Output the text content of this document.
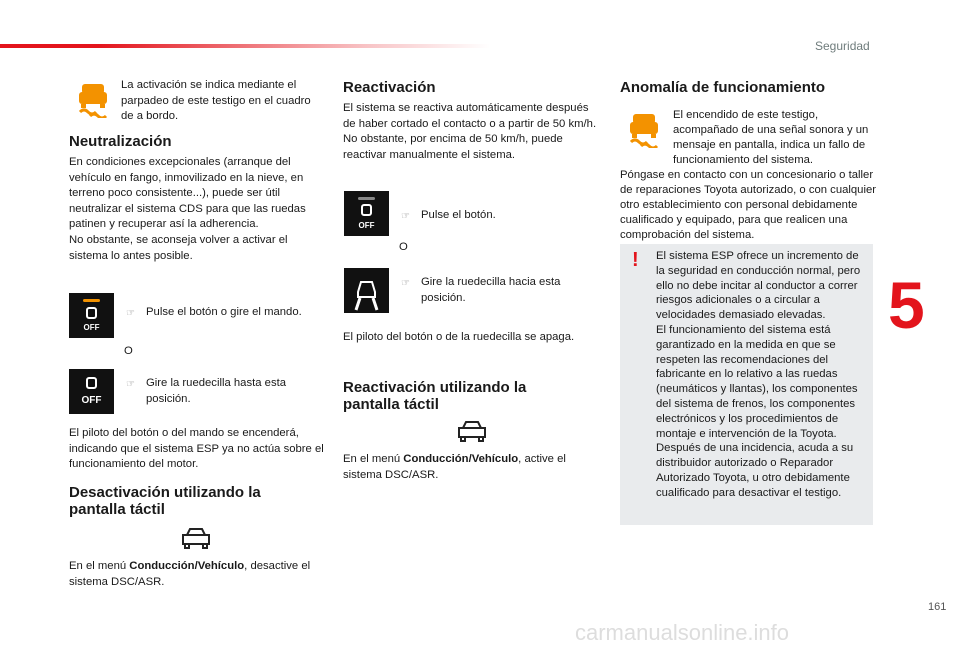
Seguridad
5
161
carmanualsonline.info

La activación se indica mediante el parpadeo de este testigo en el cuadro de a bordo.

Neutralización

En condiciones excepcionales (arranque del vehículo en fango, inmovilizado en la nieve, en terreno poco consistente...), puede ser útil neutralizar el sistema CDS para que las ruedas patinen y recuperar así la adherencia.

No obstante, se aconseja volver a activar el sistema lo antes posible.

OFF
☞ Pulse el botón o gire el mando.

O

OFF
☞ Gire la ruedecilla hasta esta posición.

El piloto del botón o del mando se encenderá, indicando que el sistema ESP ya no actúa sobre el funcionamiento del motor.

Desactivación utilizando la pantalla táctil

En el menú Conducción/Vehículo, desactive el sistema DSC/ASR.

Reactivación

El sistema se reactiva automáticamente después de haber cortado el contacto o a partir de 50 km/h.

No obstante, por encima de 50 km/h, puede reactivar manualmente el sistema.

OFF
☞ Pulse el botón.

O

☞ Gire la ruedecilla hacia esta posición.

El piloto del botón o de la ruedecilla se apaga.

Reactivación utilizando la pantalla táctil

En el menú Conducción/Vehículo, active el sistema DSC/ASR.

Anomalía de funcionamiento

El encendido de este testigo, acompañado de una señal sonora y un mensaje en pantalla, indica un fallo de funcionamiento del sistema.

Póngase en contacto con un concesionario o taller de reparaciones Toyota autorizado, o con cualquier otro establecimiento con personal debidamente cualificado y equipado, para que realicen una comprobación del sistema.

! El sistema ESP ofrece un incremento de la seguridad en conducción normal, pero ello no debe incitar al conductor a correr riesgos adicionales o a circular a velocidades demasiado elevadas.

El funcionamiento del sistema está garantizado en la medida en que se respeten las recomendaciones del fabricante en lo relativo a las ruedas (neumáticos y llantas), los componentes del sistema de frenos, los componentes electrónicos y los procedimientos de montaje e intervención de la Toyota. Después de una incidencia, acuda a su distribuidor autorizado o Reparador Autorizado Toyota, u otro debidamente cualificado para desactivar el testigo.
